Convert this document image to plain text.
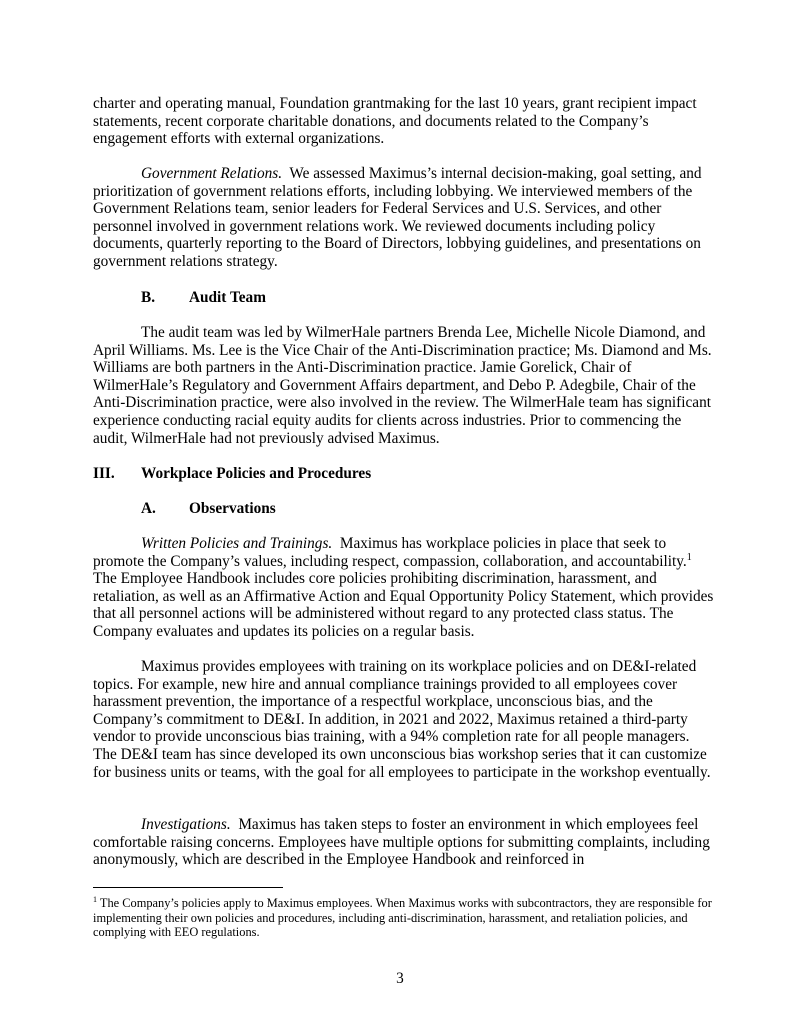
charter and operating manual, Foundation grantmaking for the last 10 years, grant recipient impact statements, recent corporate charitable donations, and documents related to the Company’s engagement efforts with external organizations.

Government Relations. We assessed Maximus’s internal decision-making, goal setting, and prioritization of government relations efforts, including lobbying. We interviewed members of the Government Relations team, senior leaders for Federal Services and U.S. Services, and other personnel involved in government relations work. We reviewed documents including policy documents, quarterly reporting to the Board of Directors, lobbying guidelines, and presentations on government relations strategy.

B. Audit Team

The audit team was led by WilmerHale partners Brenda Lee, Michelle Nicole Diamond, and April Williams. Ms. Lee is the Vice Chair of the Anti-Discrimination practice; Ms. Diamond and Ms. Williams are both partners in the Anti-Discrimination practice. Jamie Gorelick, Chair of WilmerHale’s Regulatory and Government Affairs department, and Debo P. Adegbile, Chair of the Anti-Discrimination practice, were also involved in the review. The WilmerHale team has significant experience conducting racial equity audits for clients across industries. Prior to commencing the audit, WilmerHale had not previously advised Maximus.

III. Workplace Policies and Procedures

A. Observations

Written Policies and Trainings. Maximus has workplace policies in place that seek to promote the Company’s values, including respect, compassion, collaboration, and accountability.$^1$  The Employee Handbook includes core policies prohibiting discrimination, harassment, and retaliation, as well as an Affirmative Action and Equal Opportunity Policy Statement, which provides that all personnel actions will be administered without regard to any protected class status. The Company evaluates and updates its policies on a regular basis.

Maximus provides employees with training on its workplace policies and on DE&I-related topics. For example, new hire and annual compliance trainings provided to all employees cover harassment prevention, the importance of a respectful workplace, unconscious bias, and the Company’s commitment to DE&I. In addition, in 2021 and 2022, Maximus retained a third-party vendor to provide unconscious bias training, with a 94% completion rate for all people managers. The DE&I team has since developed its own unconscious bias workshop series that it can customize for business units or teams, with the goal for all employees to participate in the workshop eventually.

Investigations. Maximus has taken steps to foster an environment in which employees feel comfortable raising concerns. Employees have multiple options for submitting complaints, including anonymously, which are described in the Employee Handbook and reinforced in

$^1$ The Company’s policies apply to Maximus employees. When Maximus works with subcontractors, they are responsible for implementing their own policies and procedures, including anti-discrimination, harassment, and retaliation policies, and complying with EEO regulations.

3
